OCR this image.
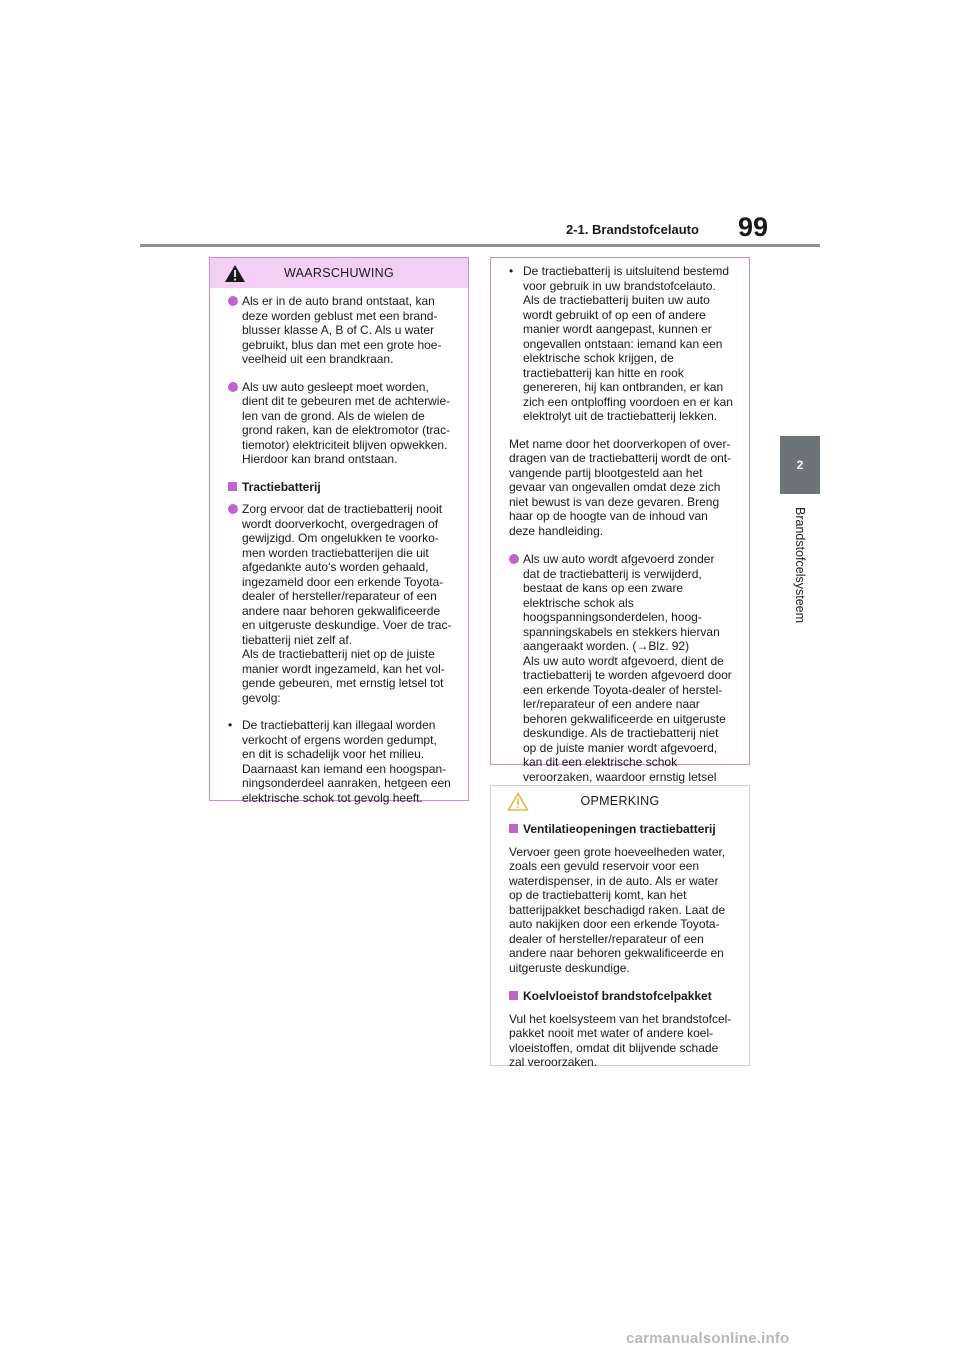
99
2-1. Brandstofcelauto
2
Brandstofcelsysteem
WAARSCHUWING
Als er in de auto brand ontstaat, kan deze worden geblust met een brandblusser klasse A, B of C. Als u water gebruikt, blus dan met een grote hoeveelheid uit een brandkraan.
Als uw auto gesleept moet worden, dient dit te gebeuren met de achterwielen van de grond. Als de wielen de grond raken, kan de elektromotor (tractiemotor) elektriciteit blijven opwekken. Hierdoor kan brand ontstaan.
Tractiebatterij
Zorg ervoor dat de tractiebatterij nooit wordt doorverkocht, overgedragen of gewijzigd. Om ongelukken te voorkomen worden tractiebatterijen die uit afgedankte auto's worden gehaald, ingezameld door een erkende Toyota-dealer of hersteller/reparateur of een andere naar behoren gekwalificeerde en uitgeruste deskundige. Voer de tractiebatterij niet zelf af.
Als de tractiebatterij niet op de juiste manier wordt ingezameld, kan het volgende gebeuren, met ernstig letsel tot gevolg:
• De tractiebatterij kan illegaal worden verkocht of ergens worden gedumpt, en dit is schadelijk voor het milieu. Daarnaast kan iemand een hoogspanningsonderdeel aanraken, hetgeen een elektrische schok tot gevolg heeft.
• De tractiebatterij is uitsluitend bestemd voor gebruik in uw brandstofcelauto. Als de tractiebatterij buiten uw auto wordt gebruikt of op een of andere manier wordt aangepast, kunnen er ongevallen ontstaan: iemand kan een elektrische schok krijgen, de tractiebatterij kan hitte en rook genereren, hij kan ontbranden, er kan zich een ontploffing voordoen en er kan elektrolyt uit de tractiebatterij lekken.

Met name door het doorverkopen of overdragen van de tractiebatterij wordt de ontvangende partij blootgesteld aan het gevaar van ongevallen omdat deze zich niet bewust is van deze gevaren. Breng haar op de hoogte van de inhoud van deze handleiding.

Als uw auto wordt afgevoerd zonder dat de tractiebatterij is verwijderd, bestaat de kans op een zware elektrische schok als hoogspanningsonderdelen, hoogspanningskabels en stekkers hiervan aangeraakt worden. (→Blz. 92)
Als uw auto wordt afgevoerd, dient de tractiebatterij te worden afgevoerd door een erkende Toyota-dealer of hersteller/reparateur of een andere naar behoren gekwalificeerde en uitgeruste deskundige. Als de tractiebatterij niet op de juiste manier wordt afgevoerd, kan dit een elektrische schok veroorzaken, waardoor ernstig letsel
OPMERKING
Ventilatieopeningen tractiebatterij

Vervoer geen grote hoeveelheden water, zoals een gevuld reservoir voor een waterdispenser, in de auto. Als er water op de tractiebatterij komt, kan het batterijpakket beschadigd raken. Laat de auto nakijken door een erkende Toyota-dealer of hersteller/reparateur of een andere naar behoren gekwalificeerde en uitgeruste deskundige.

Koelvloeistof brandstofcelpakket

Vul het koelsysteem van het brandstofcelpakket nooit met water of andere koelvloeistoffen, omdat dit blijvende schade zal veroorzaken.

carmanualsonline.info
